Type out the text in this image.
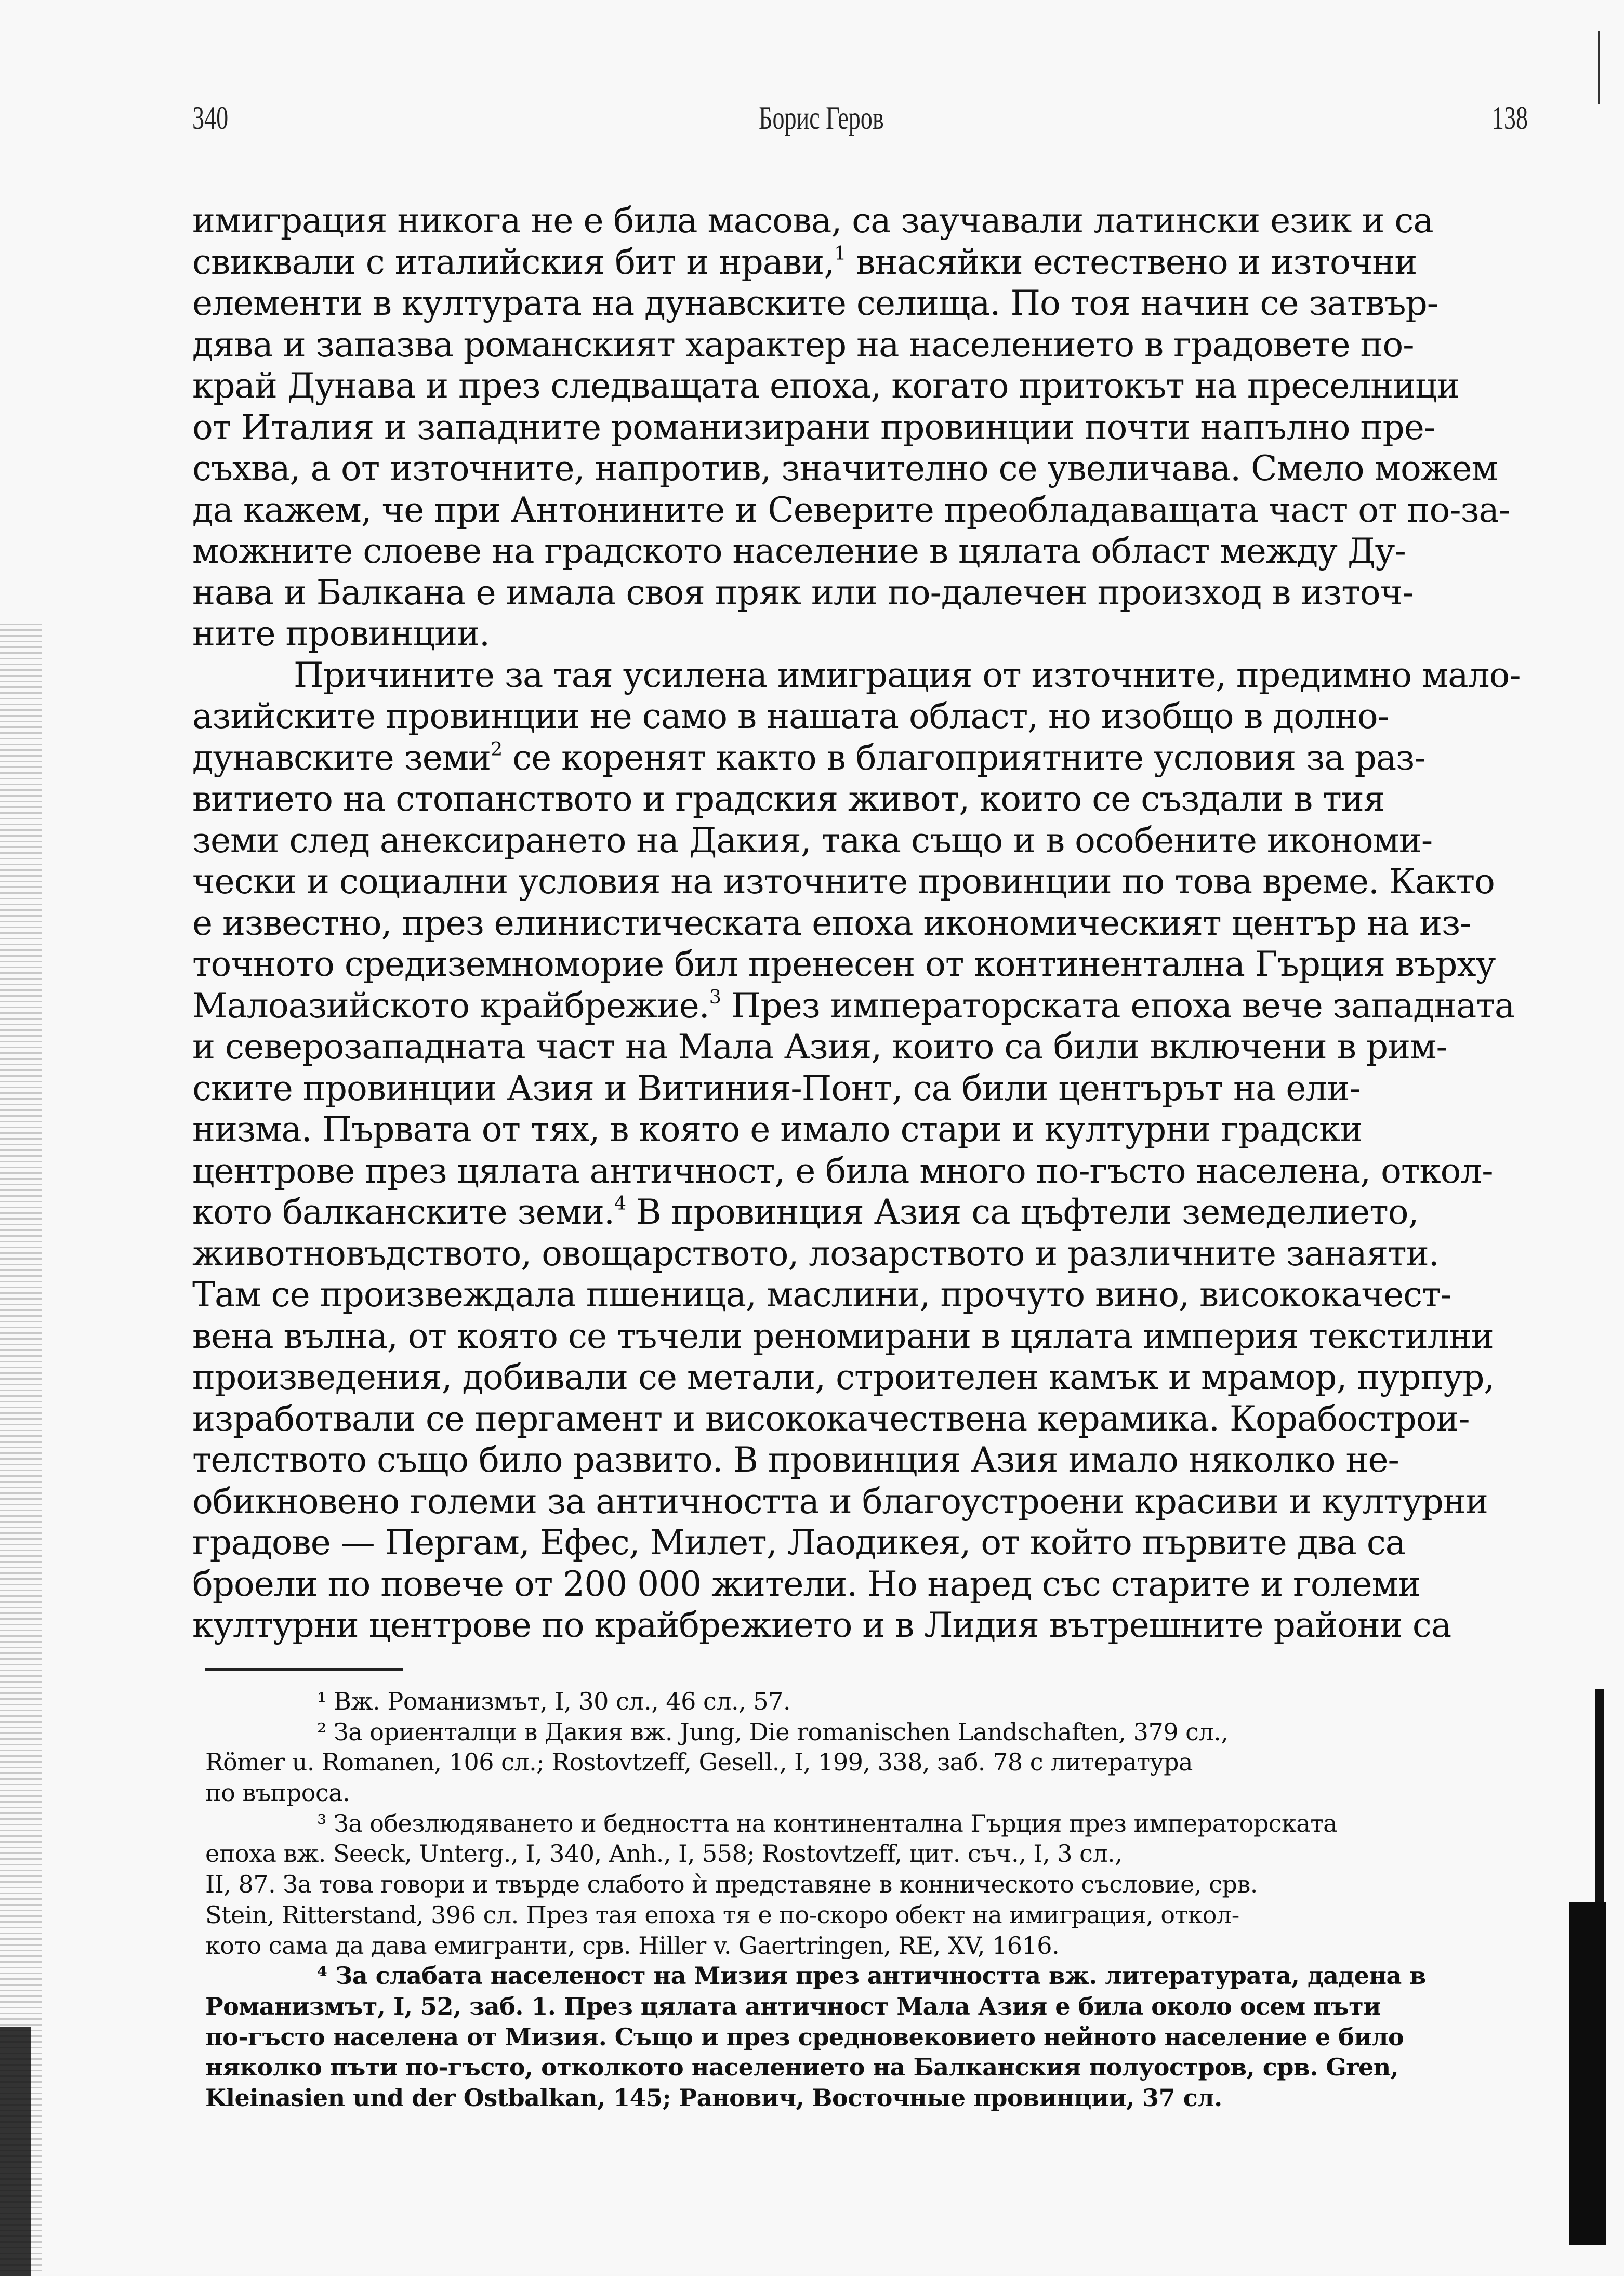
340	Борис Геров	138
имиграция никога не е била масова, са заучавали латински език и са
свиквали с италийския бит и нрави,$^1$ внасяйки естествено и източни
елементи в културата на дунавските селища. По тоя начин се затвър-
дява и запазва романският характер на населението в градовете по-
край Дунава и през следващата епоха, когато притокът на преселници
от Италия и западните романизирани провинции почти напълно пре-
съхва, а от източните, напротив, значително се увеличава. Смело можем
да кажем, че при Антонините и Северите преобладаващата част от по-за-
можните слоеве на градското население в цялата област между Ду-
нава и Балкана е имала своя пряк или по-далечен произход в източ-
ните провинции.
Причините за тая усилена имиграция от източните, предимно мало-
азийските провинции не само в нашата област, но изобщо в долно-
дунавските земи$^2$ се коренят както в благоприятните условия за раз-
витието на стопанството и градския живот, които се създали в тия
земи след анексирането на Дакия, така също и в особените икономи-
чески и социални условия на източните провинции по това време. Както
е известно, през елинистическата епоха икономическият център на из-
точното средиземноморие бил пренесен от континентална Гърция върху
Малоазийското крайбрежие.$^3$ През императорската епоха вече западната
и северозападната част на Мала Азия, които са били включени в рим-
ските провинции Азия и Витиния-Понт, са били центърът на ели-
низма. Първата от тях, в която е имало стари и културни градски
центрове през цялата античност, е била много по-гъсто населена, откол-
кото балканските земи.$^4$ В провинция Азия са цъфтели земеделието,
животновъдството, овощарството, лозарството и различните занаяти.
Там се произвеждала пшеница, маслини, прочуто вино, висококачест-
вена вълна, от която се тъчели реномирани в цялата империя текстилни
произведения, добивали се метали, строителен камък и мрамор, пурпур,
изработвали се пергамент и висококачествена керамика. Корабострои-
телството също било развито. В провинция Азия имало няколко не-
обикновено големи за античността и благоустроени красиви и културни
градове — Пергам, Ефес, Милет, Лаодикея, от който първите два са
броели по повече от 200 000 жители. Но наред със старите и големи
културни центрове по крайбрежието и в Лидия вътрешните райони са
¹ Вж. Романизмът, I, 30 сл., 46 сл., 57.
² За ориенталци в Дакия вж. Jung, Die romanischen Landschaften, 379 сл.,
Römer u. Romanen, 106 сл.; Rostovtzeff, Gesell., I, 199, 338, заб. 78 с литература
по въпроса.
³ За обезлюдяването и бедността на континентална Гърция през императорската
епоха вж. Seeck, Unterg., I, 340, Anh., I, 558; Rostovtzeff, цит. съч., I, 3 сл.,
II, 87. За това говори и твърде слабото ѝ представяне в конническото съсловие, срв.
Stein, Ritterstand, 396 сл. През тая епоха тя е по-скоро обект на имиграция, откол-
кото сама да дава емигранти, срв. Hiller v. Gaertringen, RE, XV, 1616.
⁴ За слабата населеност на Мизия през античността вж. литературата, дадена в
Романизмът, I, 52, заб. 1. През цялата античност Мала Азия е била около осем пъти
по-гъсто населена от Мизия. Също и през средновековието нейното население е било
няколко пъти по-гъсто, отколкото населението на Балканския полуостров, срв. Gren,
Kleinasien und der Ostbalkan, 145; Ранович, Восточные провинции, 37 сл.
